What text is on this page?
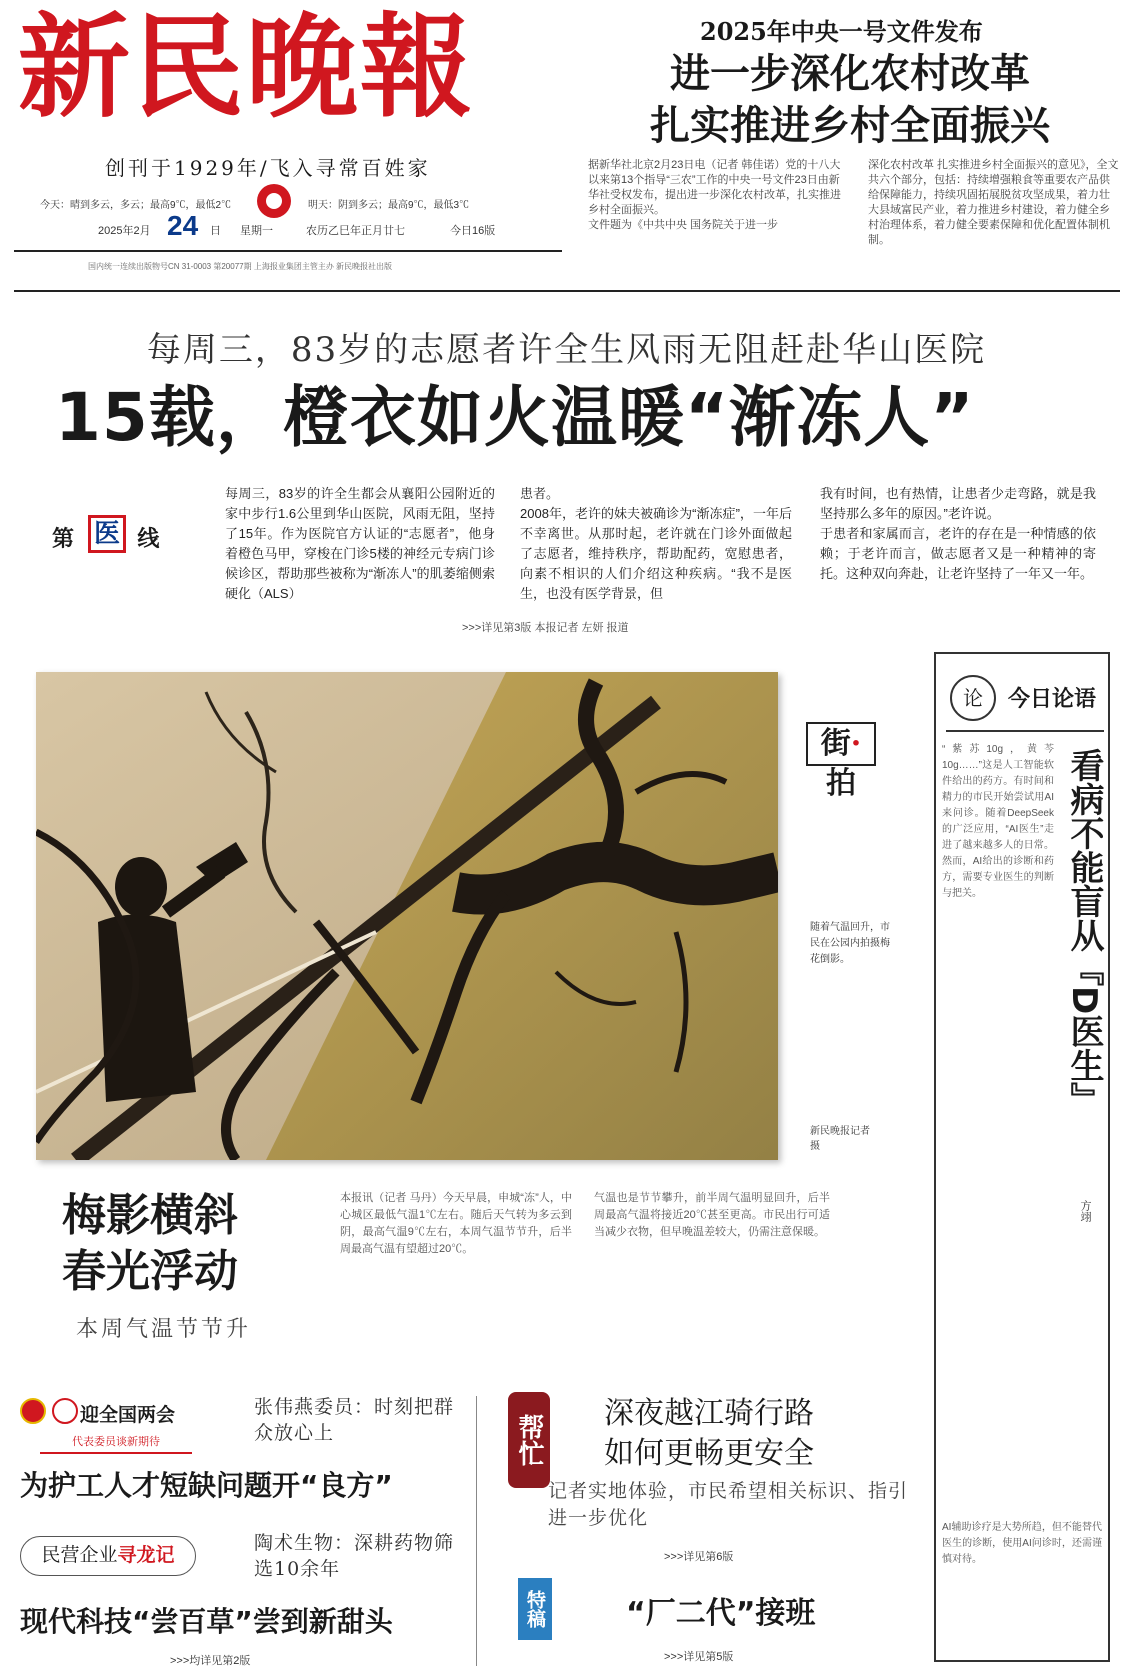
新民晚報
创刊于1929年/飞入寻常百姓家
今天：晴到多云，多云；最高9℃，最低2℃	明天：阴到多云；最高9℃，最低3℃
2025年2月 24 日 星期一	农历乙巳年正月廿七	今日16版
国内统一连续出版物号CN 31-0003 第20077期 上海报业集团主管主办 新民晚报社出版
2025年中央一号文件发布
进一步深化农村改革
扎实推进乡村全面振兴
据新华社北京2月23日电（记者 韩佳诺）党的十八大以来第13个指导“三农”工作的中央一号文件23日由新华社受权发布，提出进一步深化农村改革，扎实推进乡村全面振兴。
文件题为《中共中央 国务院关于进一步
深化农村改革 扎实推进乡村全面振兴的意见》，全文共六个部分，包括：持续增强粮食等重要农产品供给保障能力，持续巩固拓展脱贫攻坚成果，着力壮大县域富民产业，着力推进乡村建设，着力健全乡村治理体系，着力健全要素保障和优化配置体制机制。
每周三，83岁的志愿者许全生风雨无阻赶赴华山医院
15载，橙衣如火温暖“渐冻人”
第	线
医
每周三，83岁的许全生都会从襄阳公园附近的家中步行1.6公里到华山医院，风雨无阻，坚持了15年。作为医院官方认证的“志愿者”，他身着橙色马甲，穿梭在门诊5楼的神经元专病门诊候诊区，帮助那些被称为“渐冻人”的肌萎缩侧索硬化（ALS）
患者。
2008年，老许的妹夫被确诊为“渐冻症”，一年后不幸离世。从那时起，老许就在门诊外面做起了志愿者，维持秩序，帮助配药，宽慰患者，向素不相识的人们介绍这种疾病。“我不是医生，也没有医学背景，但
我有时间，也有热情，让患者少走弯路，就是我坚持那么多年的原因。”老许说。
于患者和家属而言，老许的存在是一种情感的依赖；于老许而言，做志愿者又是一种精神的寄托。这种双向奔赴，让老许坚持了一年又一年。
>>>详见第3版 本报记者 左妍 报道
街·拍
随着气温回升，市民在公园内拍摄梅花倒影。
新民晚报记者
摄
梅影横斜
春光浮动
本周气温节节升
本报讯（记者 马丹）今天早晨，申城“冻”人，中心城区最低气温1℃左右。随后天气转为多云到阴，最高气温9℃左右，本周气温节节升，后半周最高气温有望超过20℃。
气温也是节节攀升，前半周气温明显回升，后半周最高气温将接近20℃甚至更高。市民出行可适当减少衣物，但早晚温差较大，仍需注意保暖。
论	今日论语
看病不能盲从『D医生』
“紫苏10g，黄芩10g……”这是人工智能软件给出的药方。有时间和精力的市民开始尝试用AI来问诊。随着DeepSeek的广泛应用，“AI医生”走进了越来越多人的日常。然而，AI给出的诊断和药方，需要专业医生的判断与把关。
方翊
AI辅助诊疗是大势所趋，但不能替代医生的诊断，使用AI问诊时，还需谨慎对待。
迎全国两会
代表委员谈新期待
张伟燕委员：时刻把群众放心上
为护工人才短缺问题开“良方”
民营企业寻龙记
陶术生物：深耕药物筛选10余年
现代科技“尝百草”尝到新甜头
>>>均详见第2版
帮忙
深夜越江骑行路
如何更畅更安全
记者实地体验，市民希望相关标识、指引进一步优化
>>>详见第6版
特稿	“厂二代”接班
>>>详见第5版
